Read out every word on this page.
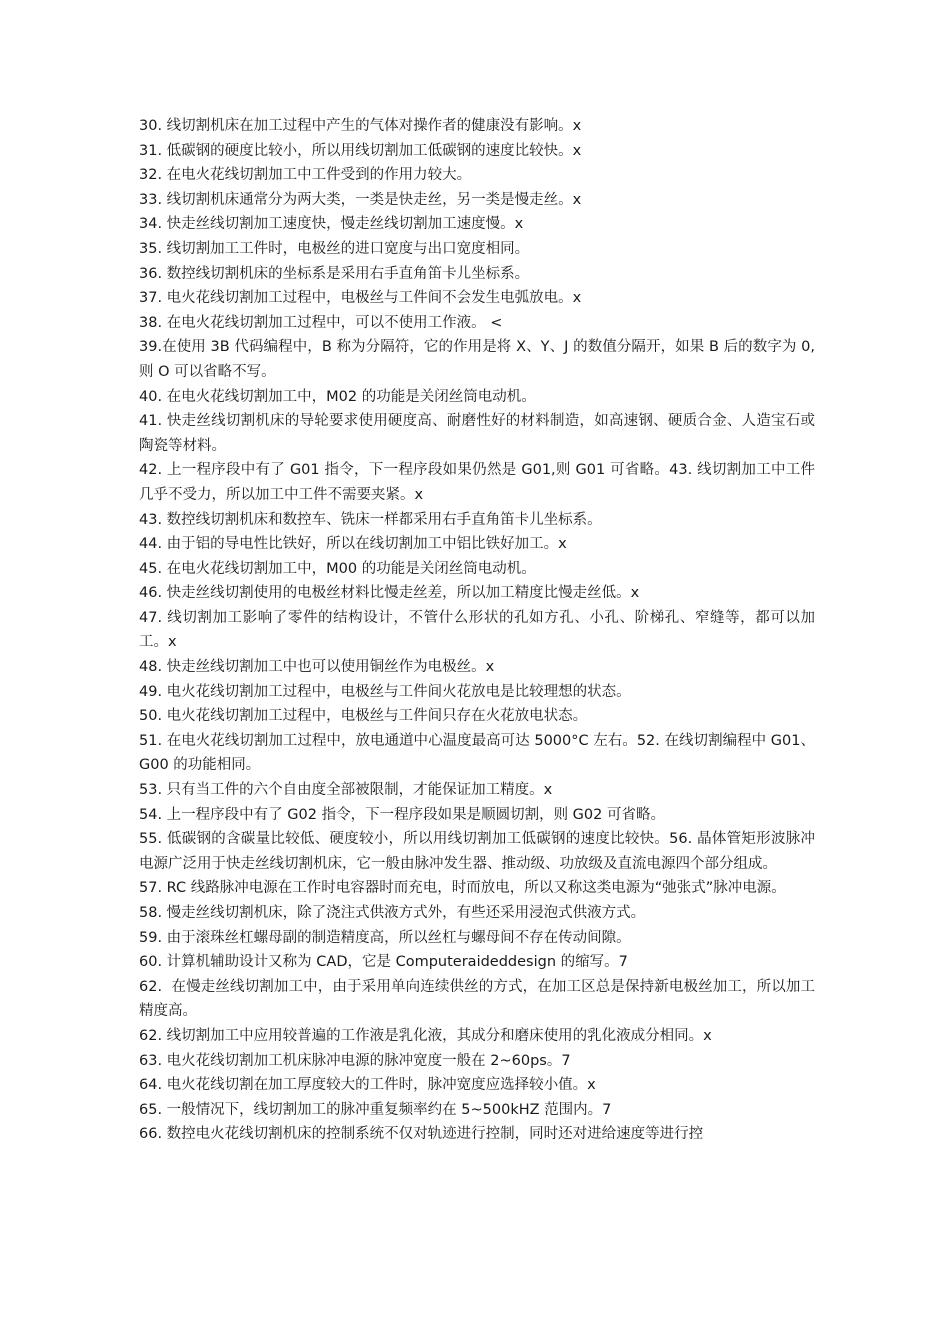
30. 线切割机床在加工过程中产生的气体对操作者的健康没有影响。x

31. 低碳钢的硬度比较小，所以用线切割加工低碳钢的速度比较快。x

32. 在电火花线切割加工中工件受到的作用力较大。

33. 线切割机床通常分为两大类，一类是快走丝，另一类是慢走丝。x

34. 快走丝线切割加工速度快，慢走丝线切割加工速度慢。x

35. 线切割加工工件时，电极丝的进口宽度与出口宽度相同。

36. 数控线切割机床的坐标系是采用右手直角笛卡儿坐标系。

37. 电火花线切割加工过程中，电极丝与工件间不会发生电弧放电。x

38. 在电火花线切割加工过程中，可以不使用工作液。 <

39.在使用 3B 代码编程中，B 称为分隔符，它的作用是将 X、Y、J 的数值分隔开，如果 B 后的数字为 0, 则 O 可以省略不写。

40. 在电火花线切割加工中，M02 的功能是关闭丝筒电动机。

41. 快走丝线切割机床的导轮要求使用硬度高、耐磨性好的材料制造，如高速钢、硬质合金、人造宝石或陶瓷等材料。

42. 上一程序段中有了 G01 指令，下一程序段如果仍然是 G01,则 G01 可省略。43. 线切割加工中工件几乎不受力，所以加工中工件不需要夹紧。x

43. 数控线切割机床和数控车、铣床一样都采用右手直角笛卡儿坐标系。

44. 由于铝的导电性比铁好，所以在线切割加工中铝比铁好加工。x

45. 在电火花线切割加工中，M00 的功能是关闭丝筒电动机。

46. 快走丝线切割使用的电极丝材料比慢走丝差，所以加工精度比慢走丝低。x

47. 线切割加工影响了零件的结构设计，不管什么形状的孔如方孔、小孔、阶梯孔、窄缝等，都可以加工。x

48. 快走丝线切割加工中也可以使用铜丝作为电极丝。x

49. 电火花线切割加工过程中，电极丝与工件间火花放电是比较理想的状态。

50. 电火花线切割加工过程中，电极丝与工件间只存在火花放电状态。

51. 在电火花线切割加工过程中，放电通道中心温度最高可达 5000°C 左右。52. 在线切割编程中 G01、G00 的功能相同。

53. 只有当工件的六个自由度全部被限制，才能保证加工精度。x

54. 上一程序段中有了 G02 指令，下一程序段如果是顺圆切割，则 G02 可省略。

55. 低碳钢的含碳量比较低、硬度较小，所以用线切割加工低碳钢的速度比较快。56. 晶体管矩形波脉冲电源广泛用于快走丝线切割机床，它一般由脉冲发生器、推动级、功放级及直流电源四个部分组成。

57. RC 线路脉冲电源在工作时电容器时而充电，时而放电，所以又称这类电源为“弛张式”脉冲电源。

58. 慢走丝线切割机床，除了浇注式供液方式外，有些还采用浸泡式供液方式。

59. 由于滚珠丝杠螺母副的制造精度高，所以丝杠与螺母间不存在传动间隙。

60. 计算机辅助设计又称为 CAD，它是 Computeraideddesign 的缩写。7

62.  在慢走丝线切割加工中，由于采用单向连续供丝的方式，在加工区总是保持新电极丝加工，所以加工精度高。

62. 线切割加工中应用较普遍的工作液是乳化液，其成分和磨床使用的乳化液成分相同。x

63. 电火花线切割加工机床脉冲电源的脉冲宽度一般在 2~60ps。7

64. 电火花线切割在加工厚度较大的工件时，脉冲宽度应选择较小值。x

65. 一般情况下，线切割加工的脉冲重复频率约在 5~500kHZ 范围内。7

66. 数控电火花线切割机床的控制系统不仅对轨迹进行控制，同时还对进给速度等进行控
